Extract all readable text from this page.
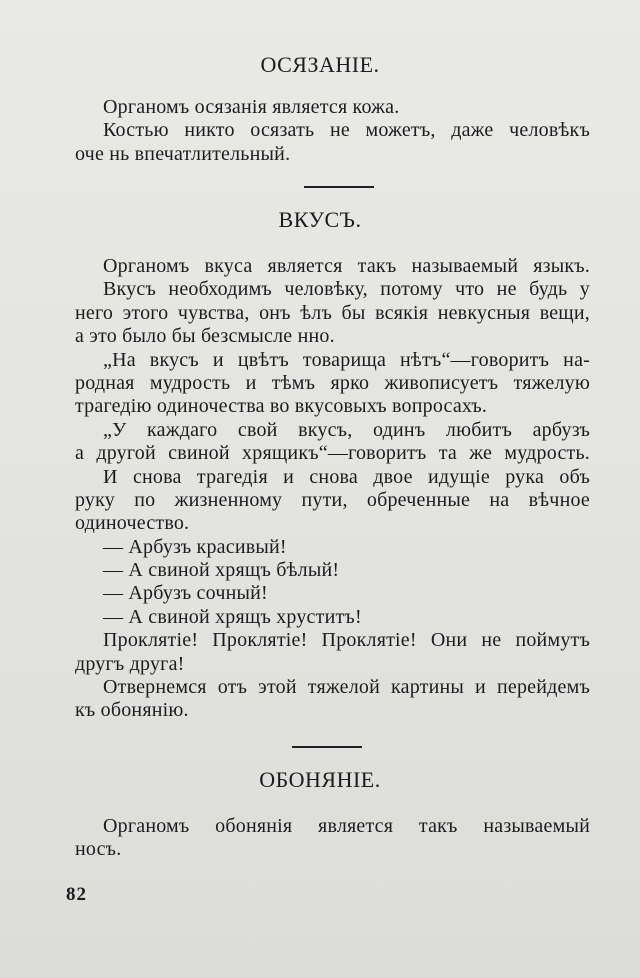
ОСЯЗАНІЕ.
Органомъ осязанія является кожа.
Костью никто осязать не можетъ, даже человѣкъ
оче нь впечатлительный.
ВКУСЪ.
Органомъ вкуса является такъ называемый языкъ.
Вкусъ необходимъ человѣку, потому что не будь у
него этого чувства, онъ ѣлъ бы всякія невкусныя вещи,
а это было бы безсмысле нно.
„На вкусъ и цвѣтъ товарища нѣтъ“—говоритъ на-
родная мудрость и тѣмъ ярко живописуетъ тяжелую
трагедію одиночества во вкусовыхъ вопросахъ.
„У каждаго свой вкусъ, одинъ любитъ арбузъ
а другой свиной хрящикъ“—говоритъ та же мудрость.
И снова трагедія и снова двое идущіе рука объ
руку по жизненному пути, обреченные на вѣчное
одиночество.
— Арбузъ красивый!
— А свиной хрящъ бѣлый!
— Арбузъ сочный!
— А свиной хрящъ хруститъ!
Проклятіе! Проклятіе! Проклятіе! Они не поймутъ
другъ друга!
Отвернемся отъ этой тяжелой картины и перейдемъ
къ обонянію.
ОБОНЯНІЕ.
Органомъ обонянія является такъ называемый
носъ.
82
